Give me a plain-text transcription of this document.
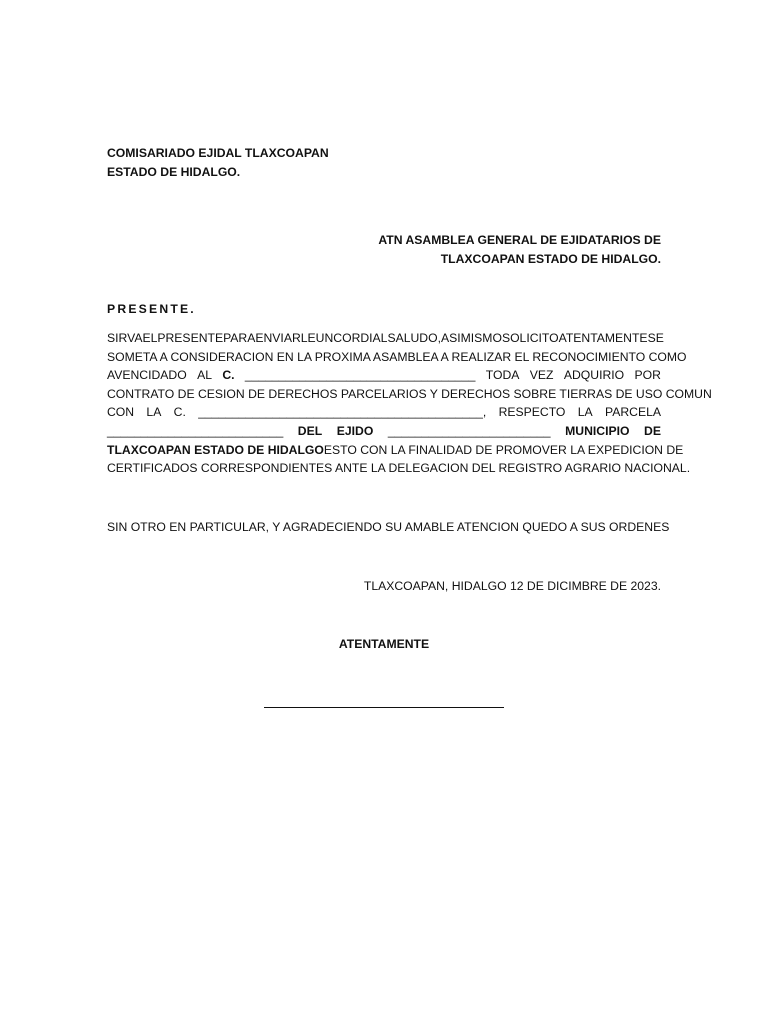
COMISARIADO EJIDAL TLAXCOAPAN
ESTADO DE HIDALGO.
ATN ASAMBLEA GENERAL DE EJIDATARIOS DE
TLAXCOAPAN ESTADO DE HIDALGO.
PRESENTE.
SIRVA EL PRESENTE PARA ENVIARLE UN CORDIAL SALUDO, ASI MISMO SOLICITO ATENTAMENTE SE
SOMETA A CONSIDERACION EN LA PROXIMA ASAMBLEA A REALIZAR EL RECONOCIMIENTO COMO
AVENCIDADO AL C. __________________________________ TODA VEZ ADQUIRIO POR
CONTRATO DE CESION DE DERECHOS PARCELARIOS Y DERECHOS SOBRE TIERRAS DE USO COMUN
CON LA C. __________________________________________, RESPECTO LA PARCELA
__________________________ DEL EJIDO ________________________ MUNICIPIO DE
TLAXCOAPAN ESTADO DE HIDALGO ESTO CON LA FINALIDAD DE PROMOVER LA EXPEDICION DE
CERTIFICADOS CORRESPONDIENTES ANTE LA DELEGACION DEL REGISTRO AGRARIO NACIONAL.
SIN OTRO EN PARTICULAR, Y AGRADECIENDO SU AMABLE ATENCION QUEDO A SUS ORDENES
TLAXCOAPAN, HIDALGO 12 DE DICIMBRE DE 2023.
ATENTAMENTE
